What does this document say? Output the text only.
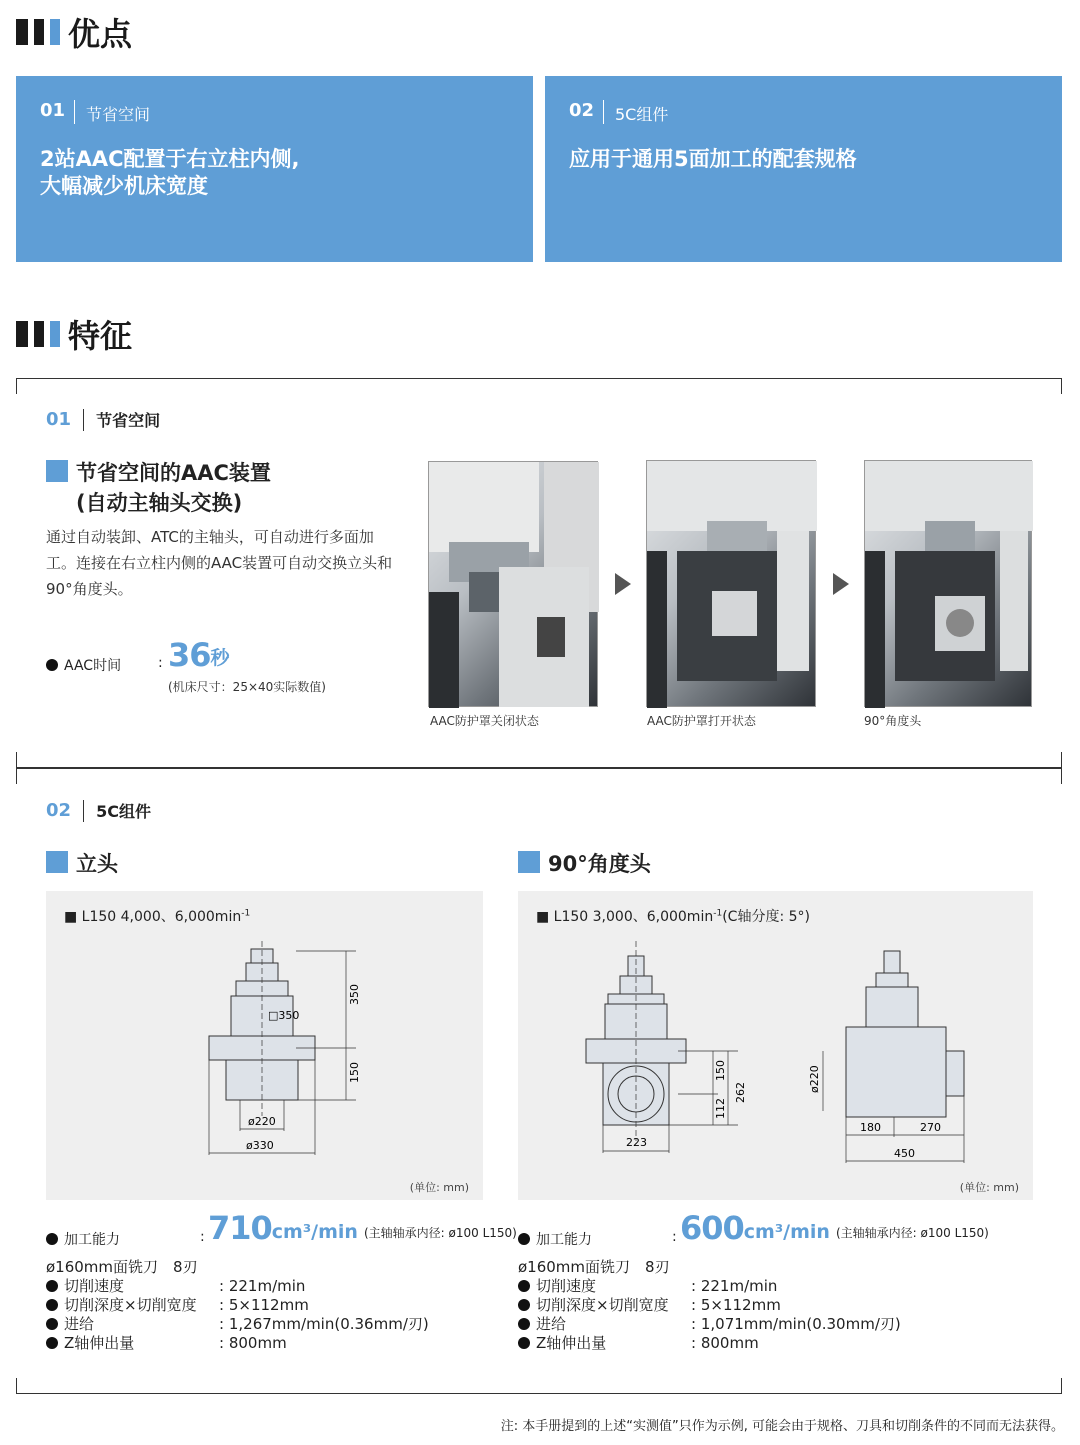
优点
01 节省空间
2站AAC配置于右立柱内侧,
大幅减少机床宽度
02 5C组件
应用于通用5面加工的配套规格
特征
01 节省空间
节省空间的AAC装置
(自动主轴头交换)
通过自动装卸、ATC的主轴头，可自动进行多面加工。连接在右立柱内侧的AAC装置可自动交换立头和90°角度头。
AAC时间	: 36 秒
(机床尺寸：25×40实际数值)
AAC防护罩关闭状态	AAC防护罩打开状态	90°角度头
02 5C组件
立头
■ L150 4,000、$6,000\min^{-1}$
350
150
□350
ø220
ø330
(单位: mm)
加工能力	: 710 cm³/min (主轴轴承内径: ø100 L150)
ø160mm面铣刀　8刃
切削速度	: 221m/min
切削深度×切削宽度 : 5×112mm
进给	: 1,267mm/min(0.36mm/刃)
Z轴伸出量	: 800mm
90°角度头
■ L150 3,000、$6,000\min^{-1}(C$轴分度: 5°)
150
262
112
223
ø220
180	270
450
(单位: mm)
加工能力	: 600 cm³/min (主轴轴承内径: ø100 L150)
ø160mm面铣刀　8刃
切削速度	: 221m/min
切削深度×切削宽度 : 5×112mm
进给	: 1,071mm/min(0.30mm/刃)
Z轴伸出量	: 800mm
注: 本手册提到的上述“实测值”只作为示例, 可能会由于规格、刀具和切削条件的不同而无法获得。
